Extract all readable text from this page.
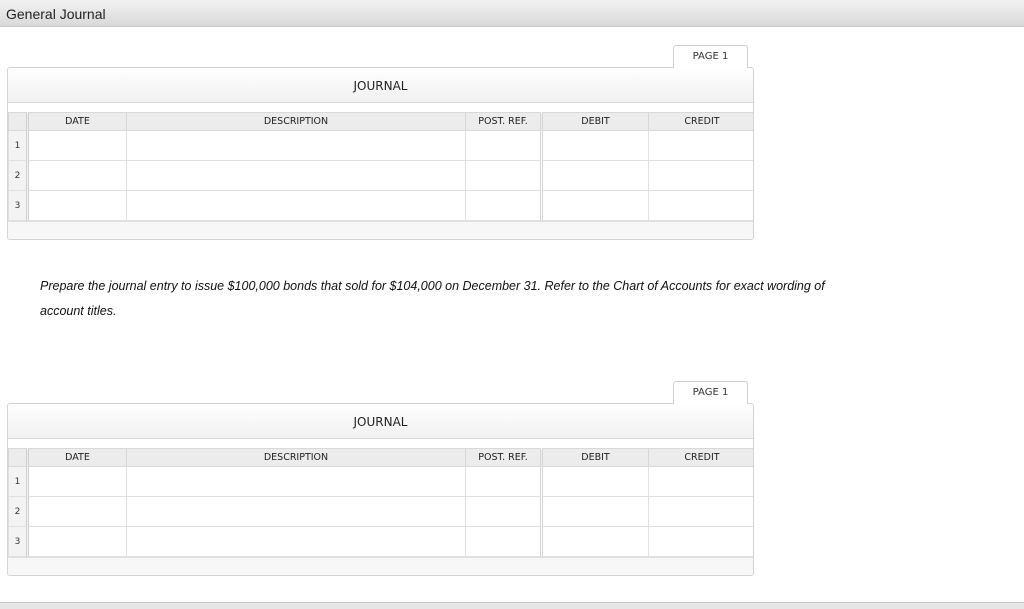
General Journal
PAGE 1
JOURNAL
	DATE	DESCRIPTION	POST. REF.	DEBIT	CREDIT
1					
2					
3					
Prepare the journal entry to issue $100,000 bonds that sold for $104,000 on December 31. Refer to the Chart of Accounts for exact wording of account titles.
PAGE 1
JOURNAL
	DATE	DESCRIPTION	POST. REF.	DEBIT	CREDIT
1					
2					
3					
